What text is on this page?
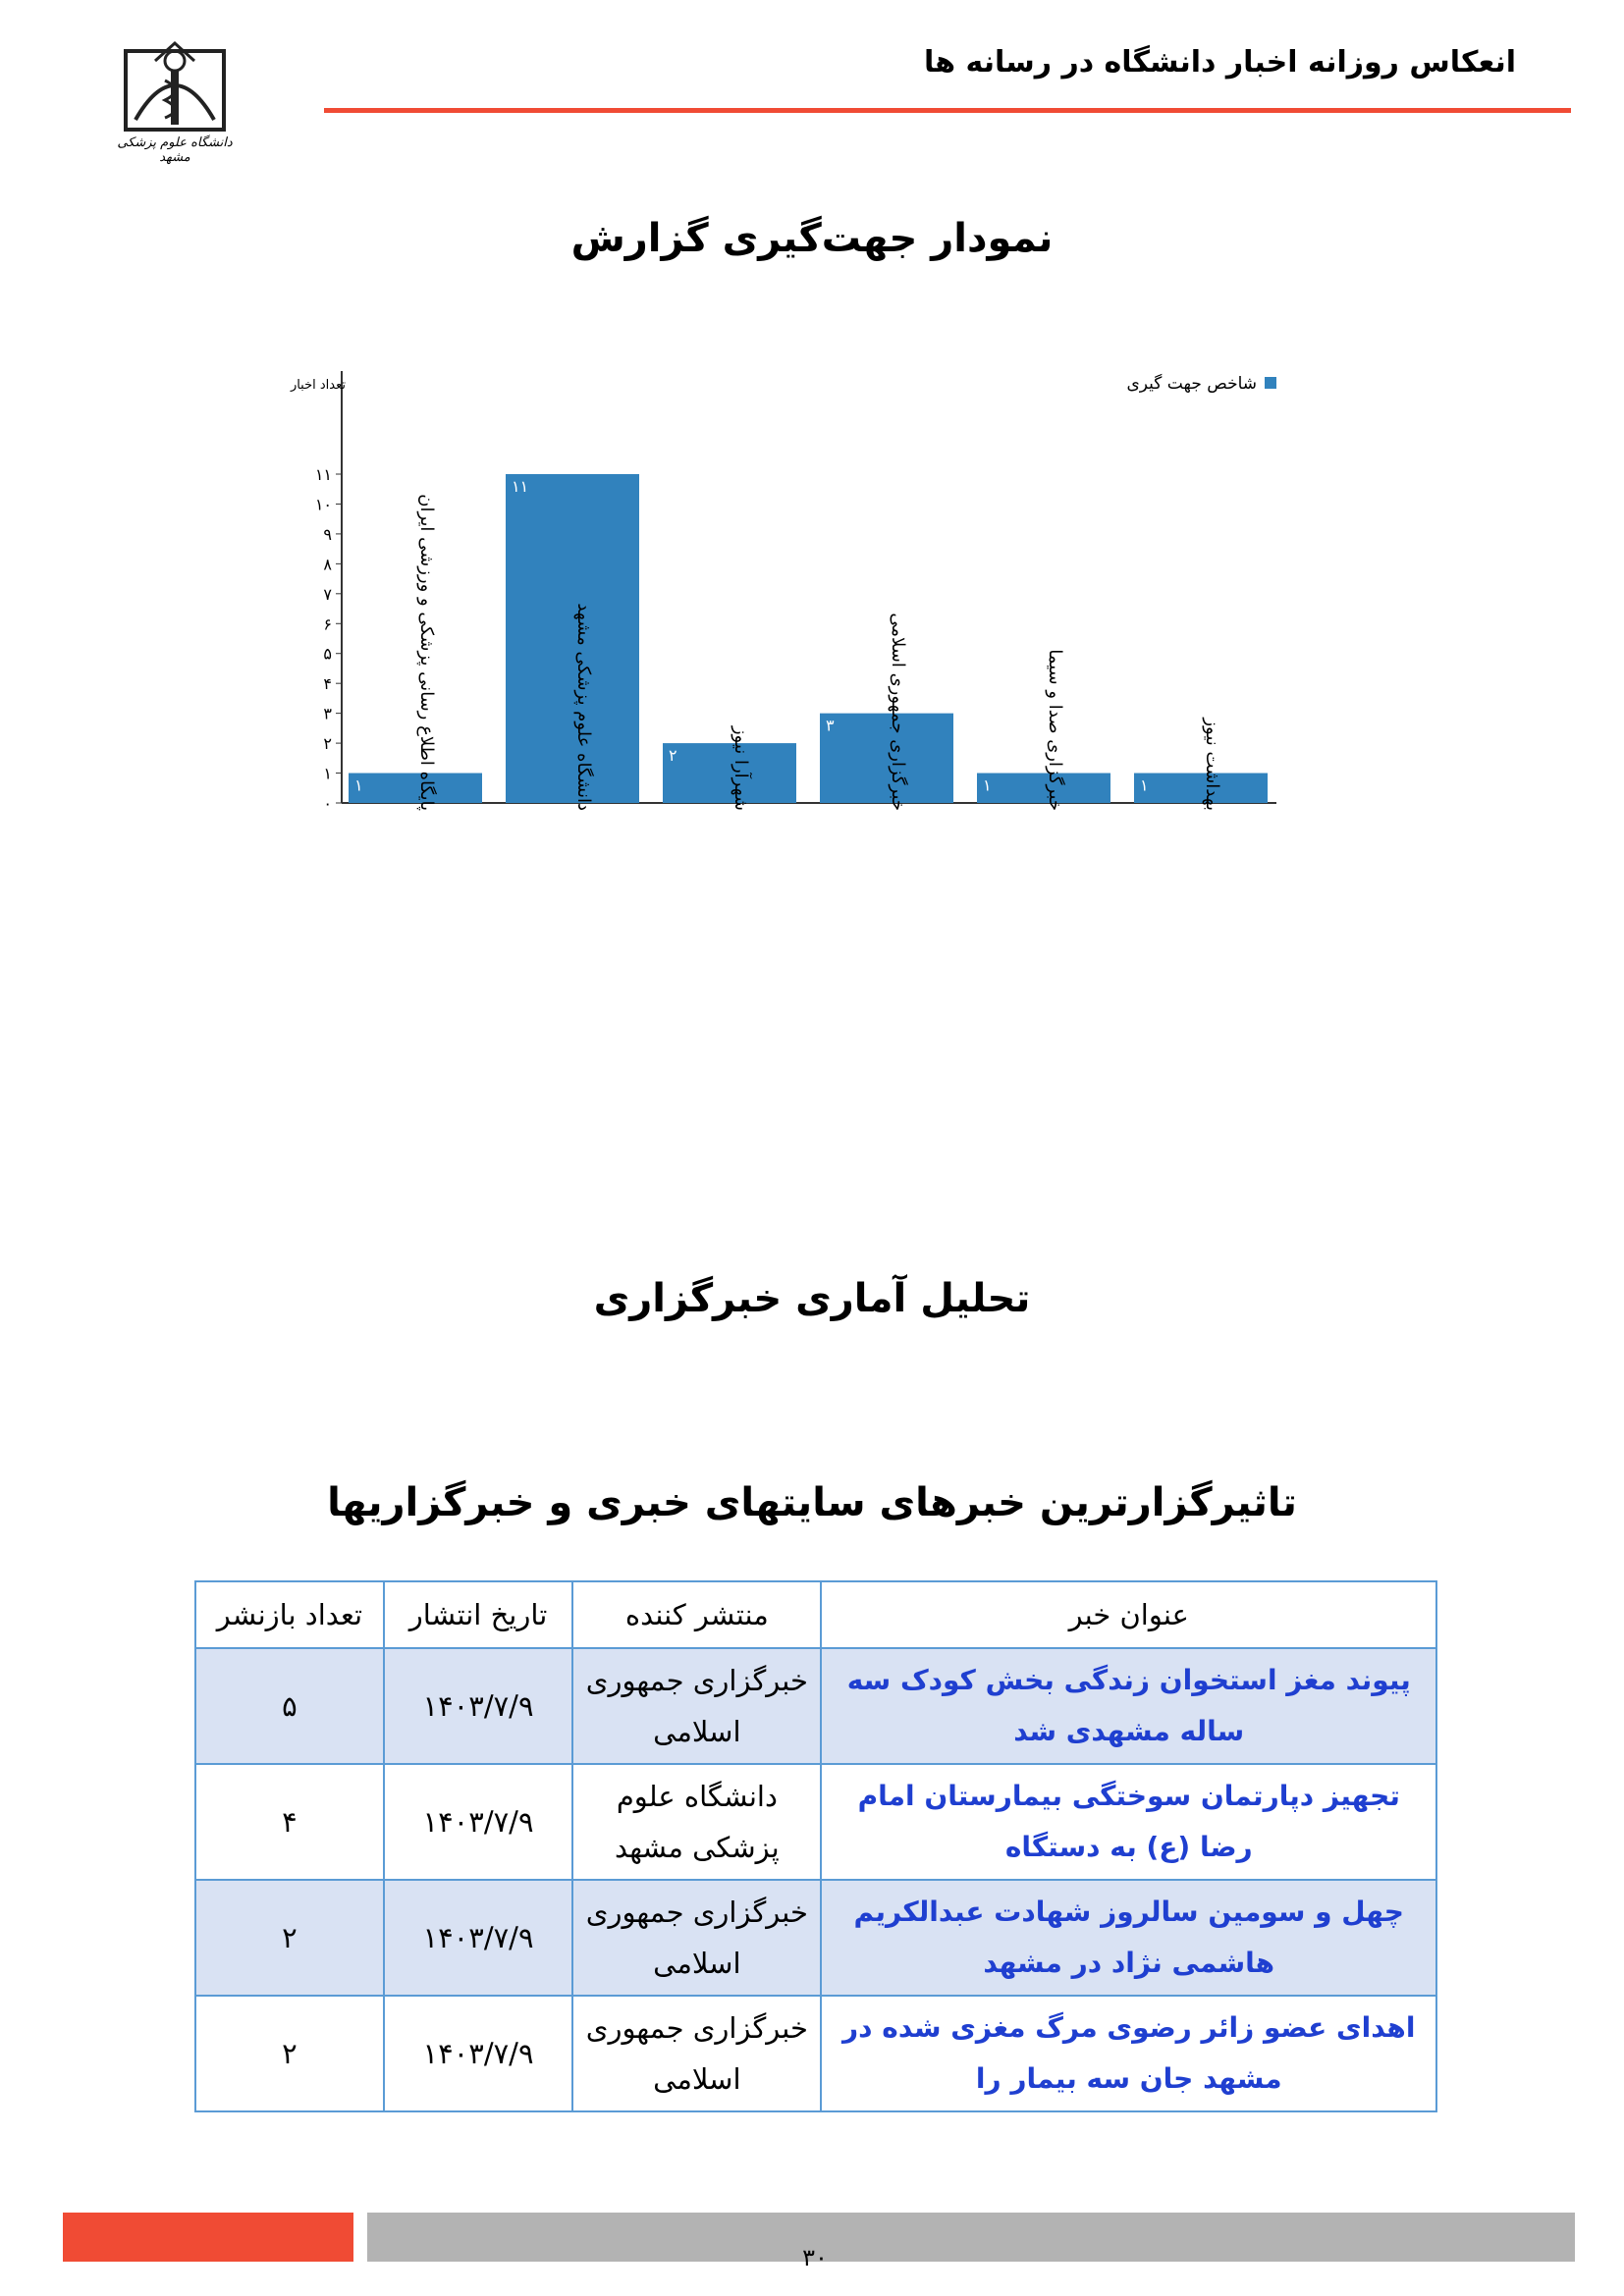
انعکاس روزانه اخبار دانشگاه در رسانه ها
دانشگاه علوم پزشکی مشهد
نمودار جهت‌گیری گزارش
تعداد اخبار	شاخص جهت گیری
۰
۱
۲
۳
۴
۵
۶
۷
۸
۹
۱۰
۱۱
۱
۱۱
۲
۳
۱	۱
پایگاه اطلاع رسانی پزشکی و ورزشی ایران	دانشگاه علوم پزشکی مشهد	شهرآرا نیوز	خبرگزاری جمهوری اسلامی	خبرگزاری صدا و سیما	بهداشت نیوز
تحلیل آماری خبرگزاری
تاثیرگزارترین خبرهای سایتهای خبری و خبرگزاریها
عنوان خبر	منتشر کننده	تاریخ انتشار	تعداد بازنشر
پیوند مغز استخوان زندگی بخش کودک سه ساله مشهدی شد	خبرگزاری جمهوری اسلامی	۱۴۰۳/۷/۹	۵
تجهیز دپارتمان سوختگی بیمارستان امام رضا (ع) به دستگاه	دانشگاه علوم پزشکی مشهد	۱۴۰۳/۷/۹	۴
چهل و سومین سالروز شهادت عبدالکریم هاشمی نژاد در مشهد	خبرگزاری جمهوری اسلامی	۱۴۰۳/۷/۹	۲
اهدای عضو زائر رضوی مرگ مغزی شده در مشهد جان سه بیمار را	خبرگزاری جمهوری اسلامی	۱۴۰۳/۷/۹	۲
۳۰
